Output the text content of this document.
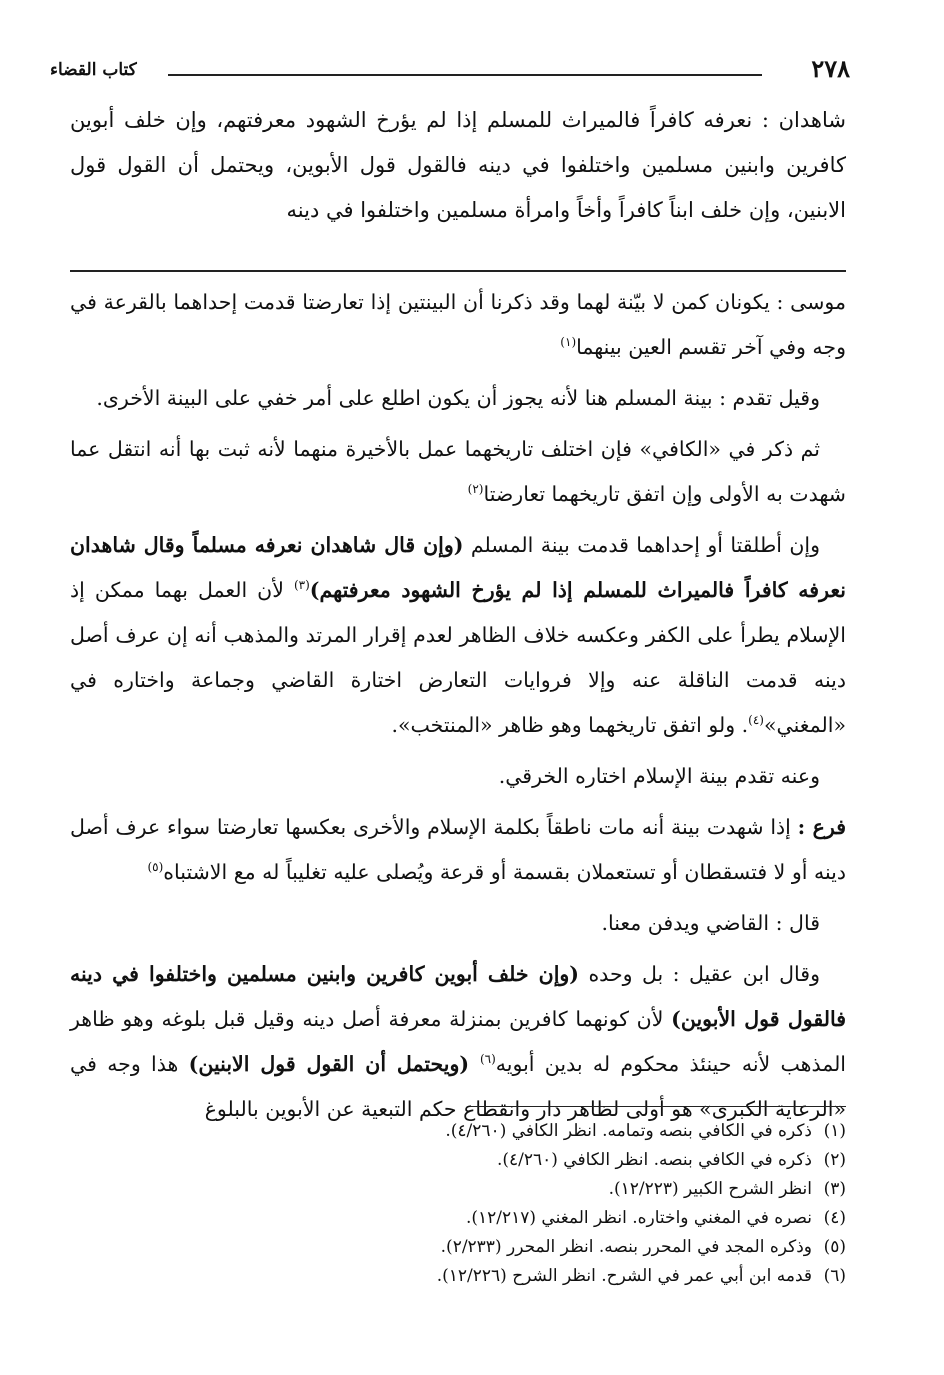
٢٧٨
كتاب القضاء
شاهدان : نعرفه كافراً فالميراث للمسلم إذا لم يؤرخ الشهود معرفتهم، وإن خلف أبوين كافرين وابنين مسلمين واختلفوا في دينه فالقول قول الأبوين، ويحتمل أن القول قول الابنين، وإن خلف ابناً كافراً وأخاً وامرأة مسلمين واختلفوا في دينه

موسى : يكونان كمن لا بيّنة لهما وقد ذكرنا أن البينتين إذا تعارضتا قدمت إحداهما بالقرعة في وجه وفي آخر تقسم العين بينهما$^{(١)}$

وقيل تقدم : بينة المسلم هنا لأنه يجوز أن يكون اطلع على أمر خفي على البينة الأخرى.

ثم ذكر في «الكافي» فإن اختلف تاريخهما عمل بالأخيرة منهما لأنه ثبت بها أنه انتقل عما شهدت به الأولى وإن اتفق تاريخهما تعارضتا$^{(٢)}$

وإن أطلقتا أو إحداهما قدمت بينة المسلم (وإن قال شاهدان نعرفه مسلماً وقال شاهدان نعرفه كافراً فالميراث للمسلم إذا لم يؤرخ الشهود معرفتهم)$^{(٣)}$ لأن العمل بهما ممكن إذ الإسلام يطرأ على الكفر وعكسه خلاف الظاهر لعدم إقرار المرتد والمذهب أنه إن عرف أصل دينه قدمت الناقلة عنه وإلا فروايات التعارض اختارة القاضي وجماعة واختاره في «المغني»$^{(٤)}$. ولو اتفق تاريخهما وهو ظاهر «المنتخب».

وعنه تقدم بينة الإسلام اختاره الخرقي.

فرع : إذا شهدت بينة أنه مات ناطقاً بكلمة الإسلام والأخرى بعكسها تعارضتا سواء عرف أصل دينه أو لا فتسقطان أو تستعملان بقسمة أو قرعة ويُصلى عليه تغليباً له مع الاشتباه$^{(٥)}$

قال : القاضي ويدفن معنا.

وقال ابن عقيل : بل وحده (وإن خلف أبوين كافرين وابنين مسلمين واختلفوا في دينه فالقول قول الأبوين) لأن كونهما كافرين بمنزلة معرفة أصل دينه وقيل قبل بلوغه وهو ظاهر المذهب لأنه حينئذ محكوم له بدين أبويه$^{(٦)}$ (ويحتمل أن القول قول الابنين) هذا وجه في «الرعاية الكبرى» هو أولى لظاهر دار وانقطاع حكم التبعية عن الأبوين بالبلوغ

(١)ذكره في الكافي بنصه وتمامه. انظر الكافي (٤/٢٦٠).
(٢)ذكره في الكافي بنصه. انظر الكافي (٤/٢٦٠).
(٣)انظر الشرح الكبير (١٢/٢٢٣).
(٤)نصره في المغني واختاره. انظر المغني (١٢/٢١٧).
(٥)وذكره المجد في المحرر بنصه. انظر المحرر (٢/٢٣٣).
(٦)قدمه ابن أبي عمر في الشرح. انظر الشرح (١٢/٢٢٦).
